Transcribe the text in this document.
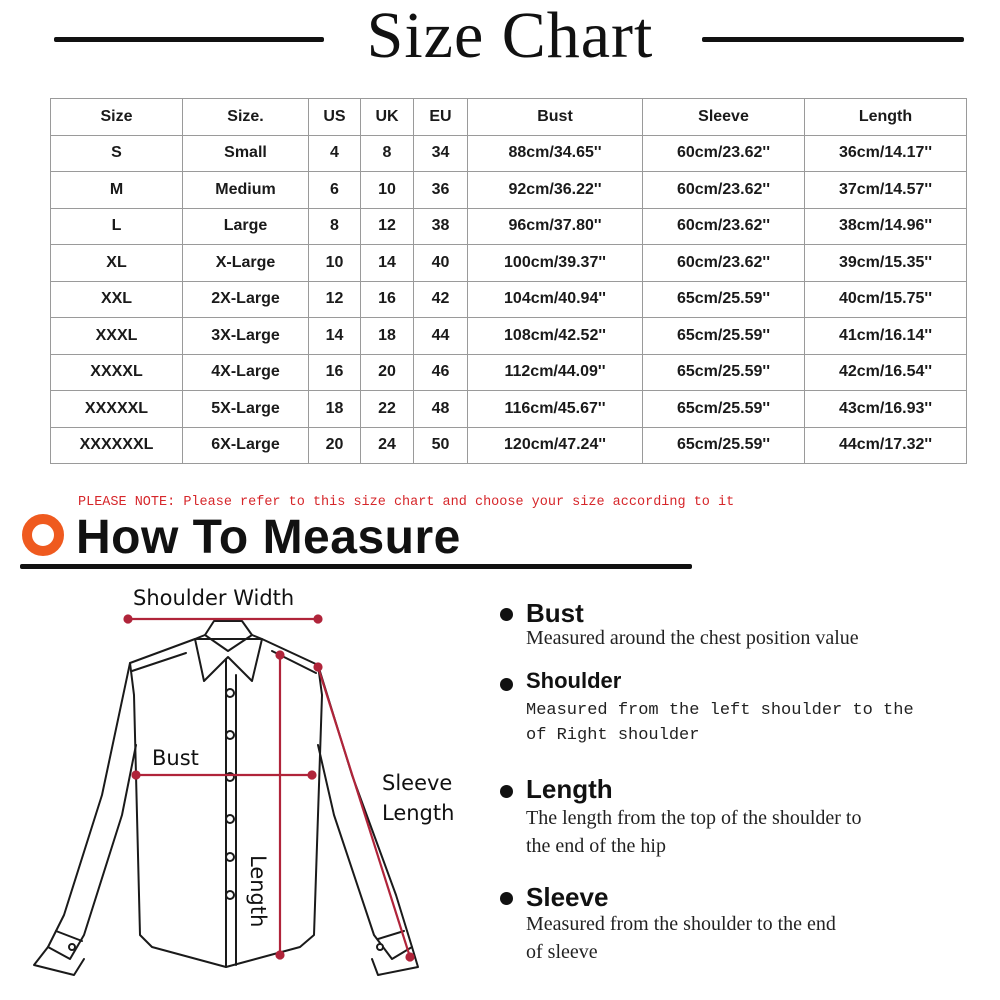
Size Chart
Size	Size.	US	UK	EU	Bust	Sleeve	Length
S	Small	4	8	34	88cm/34.65''	60cm/23.62''	36cm/14.17''
M	Medium	6	10	36	92cm/36.22''	60cm/23.62''	37cm/14.57''
L	Large	8	12	38	96cm/37.80''	60cm/23.62''	38cm/14.96''
XL	X-Large	10	14	40	100cm/39.37''	60cm/23.62''	39cm/15.35''
XXL	2X-Large	12	16	42	104cm/40.94''	65cm/25.59''	40cm/15.75''
XXXL	3X-Large	14	18	44	108cm/42.52''	65cm/25.59''	41cm/16.14''
XXXXL	4X-Large	16	20	46	112cm/44.09''	65cm/25.59''	42cm/16.54''
XXXXXL	5X-Large	18	22	48	116cm/45.67''	65cm/25.59''	43cm/16.93''
XXXXXXL	6X-Large	20	24	50	120cm/47.24''	65cm/25.59''	44cm/17.32''
PLEASE NOTE: Please refer to this size chart and choose your size according to it
How To Measure
Shoulder Width
Bust
Sleeve
Length
Length
Bust
Measured around the chest position value
Shoulder
Measured from the left shoulder to the
of Right shoulder
Length
The length from the top of the shoulder to
the end of the hip
Sleeve
Measured from the shoulder to the end
of sleeve
